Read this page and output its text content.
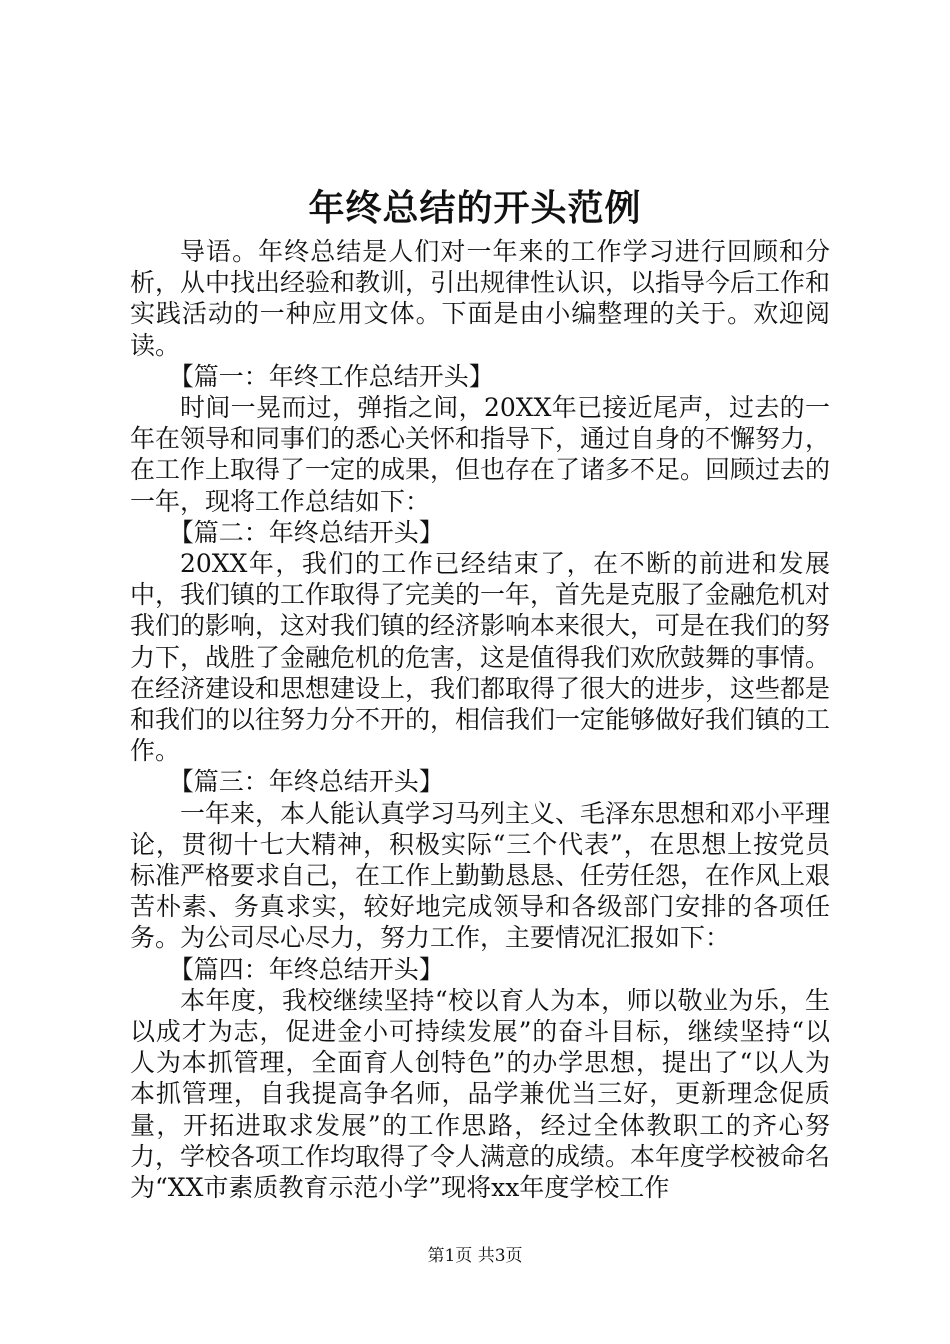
年终总结的开头范例

导语。年终总结是人们对一年来的工作学习进行回顾和分析，从中找出经验和教训，引出规律性认识，以指导今后工作和实践活动的一种应用文体。下面是由小编整理的关于。欢迎阅读。

【篇一：年终工作总结开头】

时间一晃而过，弹指之间，20XX年已接近尾声，过去的一年在领导和同事们的悉心关怀和指导下，通过自身的不懈努力，在工作上取得了一定的成果，但也存在了诸多不足。回顾过去的一年，现将工作总结如下：

【篇二：年终总结开头】

20XX年，我们的工作已经结束了，在不断的前进和发展中，我们镇的工作取得了完美的一年，首先是克服了金融危机对我们的影响，这对我们镇的经济影响本来很大，可是在我们的努力下，战胜了金融危机的危害，这是值得我们欢欣鼓舞的事情。在经济建设和思想建设上，我们都取得了很大的进步，这些都是和我们的以往努力分不开的，相信我们一定能够做好我们镇的工作。

【篇三：年终总结开头】

一年来，本人能认真学习马列主义、毛泽东思想和邓小平理论，贯彻十七大精神，积极实际“三个代表”，在思想上按党员标准严格要求自己，在工作上勤勤恳恳、任劳任怨，在作风上艰苦朴素、务真求实，较好地完成领导和各级部门安排的各项任务。为公司尽心尽力，努力工作，主要情况汇报如下：

【篇四：年终总结开头】

本年度，我校继续坚持“校以育人为本，师以敬业为乐，生以成才为志，促进金小可持续发展”的奋斗目标，继续坚持“以人为本抓管理，全面育人创特色”的办学思想，提出了“以人为本抓管理，自我提高争名师，品学兼优当三好，更新理念促质量，开拓进取求发展”的工作思路，经过全体教职工的齐心努力，学校各项工作均取得了令人满意的成绩。本年度学校被命名为“XX市素质教育示范小学”现将xx年度学校工作

第1页 共3页
